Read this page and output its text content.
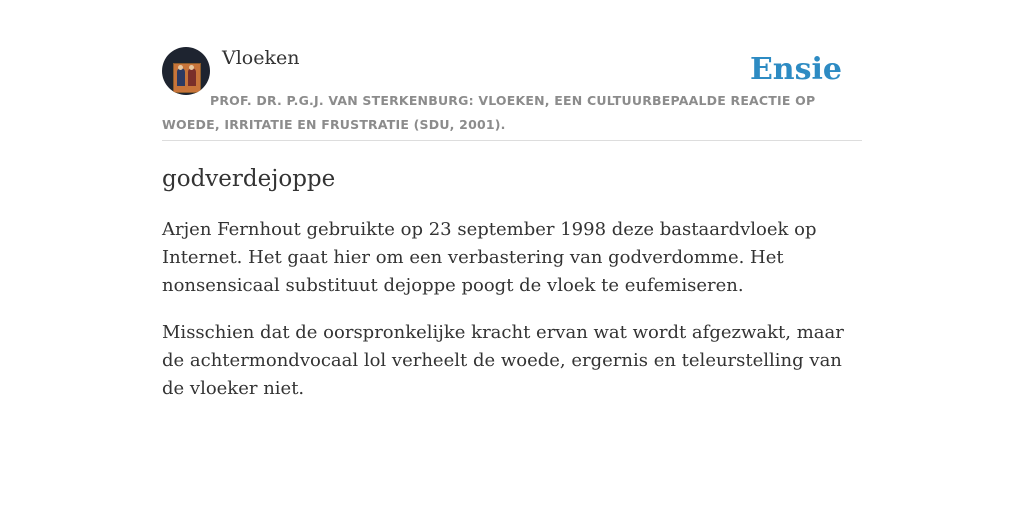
Vloeken	Ensie
PROF. DR. P.G.J. VAN STERKENBURG: VLOEKEN, EEN CULTUURBEPAALDE REACTIE OP WOEDE, IRRITATIE EN FRUSTRATIE (SDU, 2001).
godverdejoppe

Arjen Fernhout gebruikte op 23 september 1998 deze bastaardvloek op Internet. Het gaat hier om een verbastering van godverdomme. Het nonsensicaal substituut dejoppe poogt de vloek te eufemiseren.

Misschien dat de oorspronkelijke kracht ervan wat wordt afgezwakt, maar de achtermondvocaal lol verheelt de woede, ergernis en teleurstelling van de vloeker niet.
